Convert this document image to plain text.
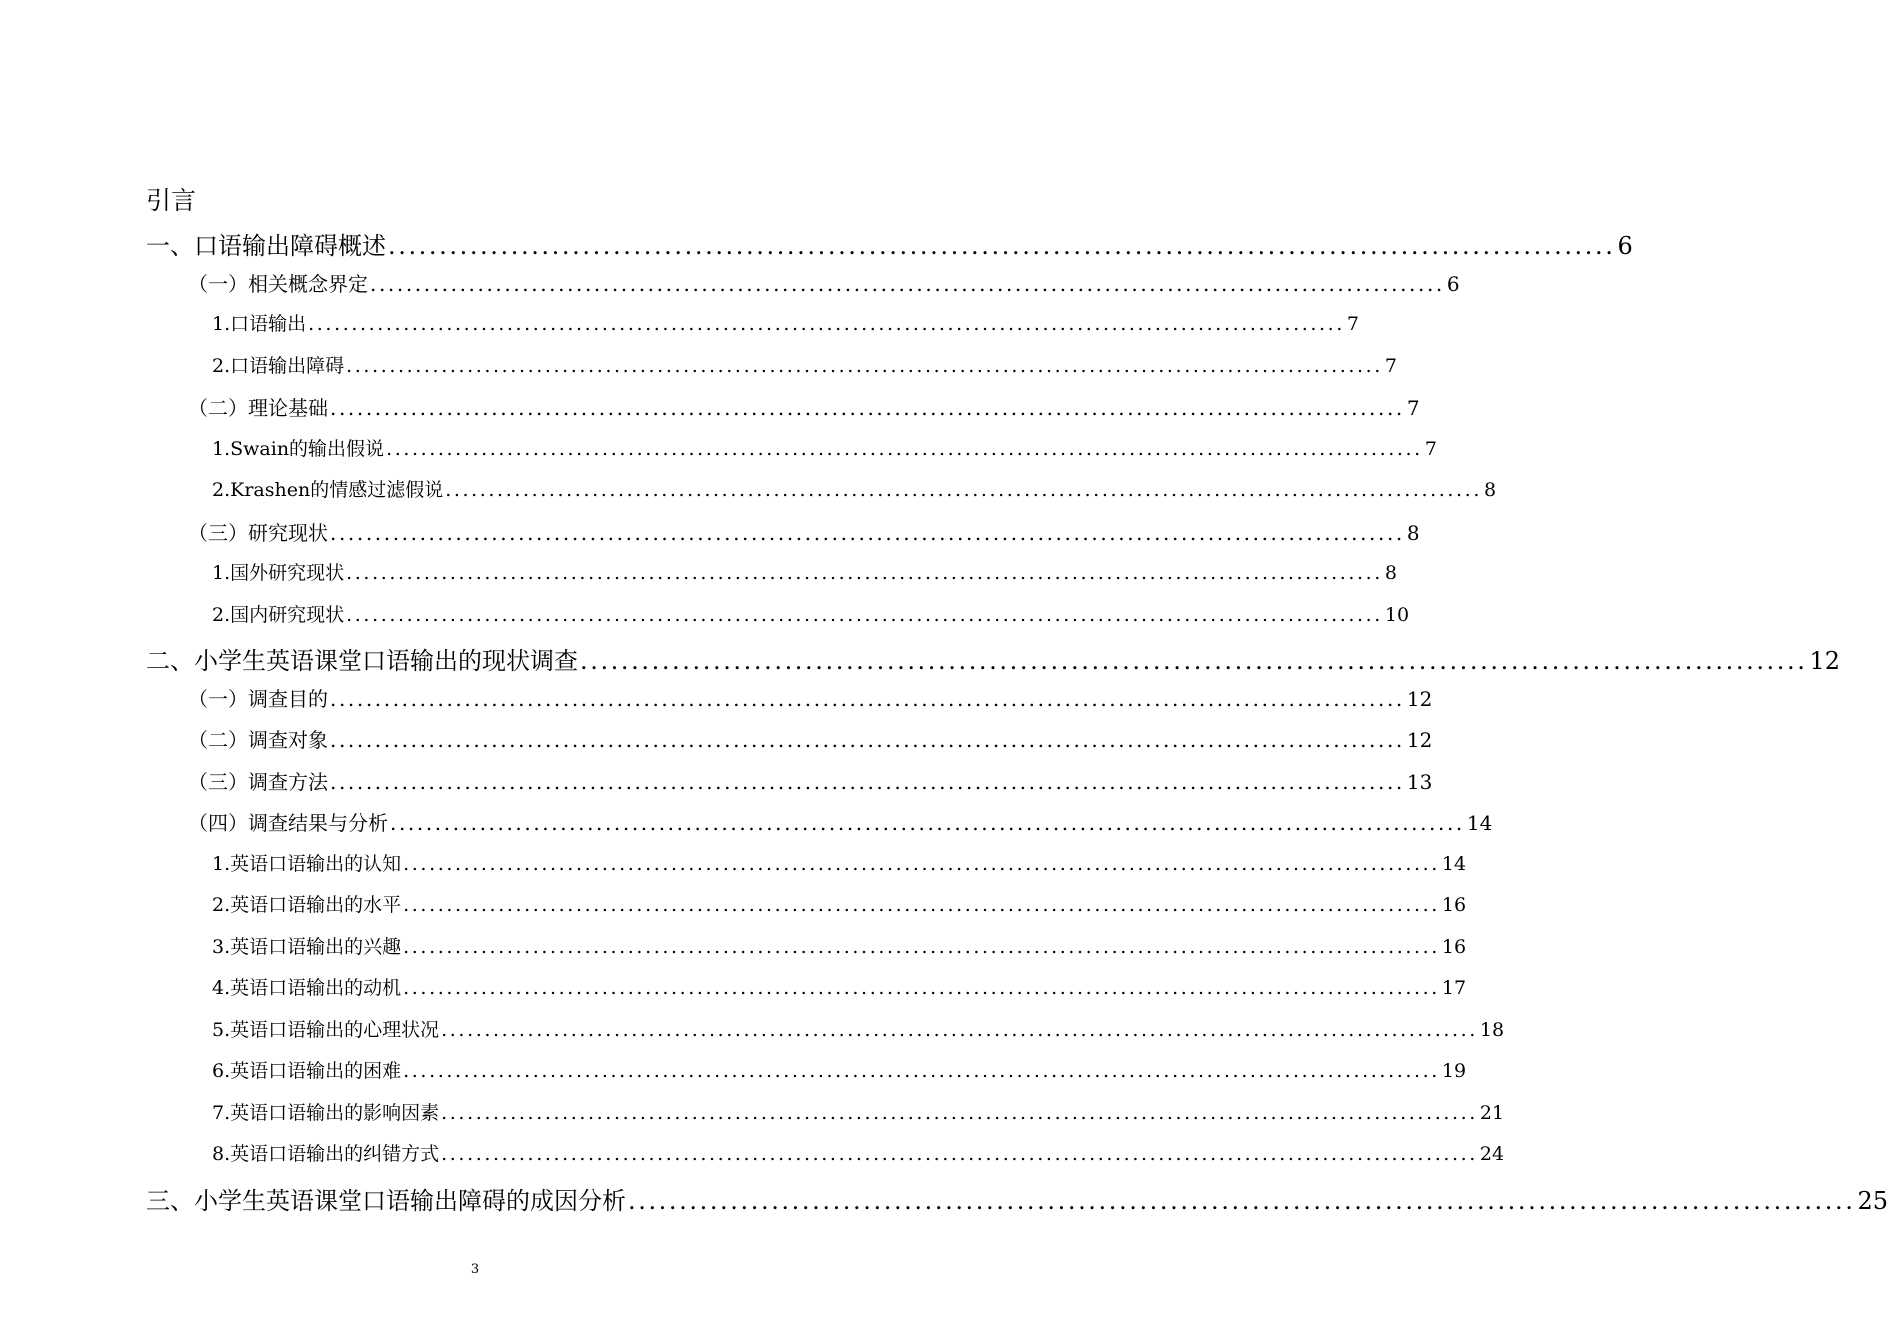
引言
一、 口语输出障碍概述 ........................................................................................................................ 6
（一） 相关概念界定 ........................................................................................................................ 6
1. 口语输出 ........................................................................................................................ 7
2. 口语输出障碍 ........................................................................................................................ 7
（二） 理论基础 ........................................................................................................................ 7
1. Swain的输出假说 ........................................................................................................................ 7
2. Krashen的情感过滤假说 ........................................................................................................................ 8
（三） 研究现状 ........................................................................................................................ 8
1. 国外研究现状 ........................................................................................................................ 8
2. 国内研究现状 ........................................................................................................................ 10
二、 小学生英语课堂口语输出的现状调查 ........................................................................................................................ 12
（一） 调查目的 ........................................................................................................................ 12
（二） 调查对象 ........................................................................................................................ 12
（三） 调查方法 ........................................................................................................................ 13
（四） 调查结果与分析 ........................................................................................................................ 14
1. 英语口语输出的认知 ........................................................................................................................ 14
2. 英语口语输出的水平 ........................................................................................................................ 16
3. 英语口语输出的兴趣 ........................................................................................................................ 16
4. 英语口语输出的动机 ........................................................................................................................ 17
5. 英语口语输出的心理状况 ........................................................................................................................ 18
6. 英语口语输出的困难 ........................................................................................................................ 19
7. 英语口语输出的影响因素 ........................................................................................................................ 21
8. 英语口语输出的纠错方式 ........................................................................................................................ 24
三、 小学生英语课堂口语输出障碍的成因分析 ........................................................................................................................ 25
3
